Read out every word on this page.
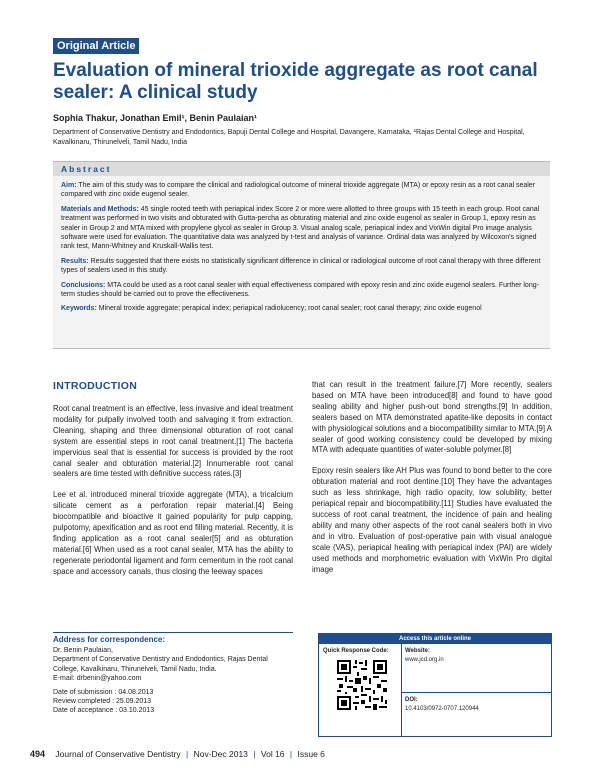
Original Article
Evaluation of mineral trioxide aggregate as root canal sealer: A clinical study
Sophia Thakur, Jonathan Emil¹, Benin Paulaian¹
Department of Conservative Dentistry and Endodontics, Bapuji Dental College and Hospital, Davangere, Karnataka, ¹Rajas Dental College and Hospital, Kavalkinaru, Thirunelveli, Tamil Nadu, India
Abstract

Aim: The aim of this study was to compare the clinical and radiological outcome of mineral trioxide aggregate (MTA) or epoxy resin as a root canal sealer compared with zinc oxide eugenol sealer.

Materials and Methods: 45 single rooted teeth with periapical index Score 2 or more were allotted to three groups with 15 teeth in each group. Root canal treatment was performed in two visits and obturated with Gutta-percha as obturating material and zinc oxide eugenol as sealer in Group 1, epoxy resin as sealer in Group 2 and MTA mixed with propylene glycol as sealer in Group 3. Visual analog scale, periapical index and VixWin digital Pro image analysis software were used for evaluation. The quantitative data was analyzed by t-test and analysis of variance. Ordinal data was analyzed by Wilcoxon's signed rank test, Mann-Whitney and Kruskall-Wallis test.

Results: Results suggested that there exists no statistically significant difference in clinical or radiological outcome of root canal therapy with three different types of sealers used in this study.

Conclusions: MTA could be used as a root canal sealer with equal effectiveness compared with epoxy resin and zinc oxide eugenol sealers. Further long-term studies should be carried out to prove the effectiveness.

Keywords: Mineral troxide aggregate; perapical index; periapical radiolucency; root canal sealer; root canal therapy; zinc oxide eugenol

INTRODUCTION

Root canal treatment is an effective, less invasive and ideal treatment modality for pulpally involved tooth and salvaging it from extraction. Cleaning, shaping and three dimensional obturation of root canal system are essential steps in root canal treatment.[1] The bacteria impervious seal that is essential for success is provided by the root canal sealer and obturation material.[2] Innumerable root canal sealers are time tested with definitive success rates.[3]

Lee et al. introduced mineral trioxide aggregate (MTA), a tricalcium silicate cement as a perforation repair material.[4] Being biocompatible and bioactive it gained popularity for pulp capping, pulpotomy, apexification and as root end filling material. Recently, it is finding application as a root canal sealer[5] and as obturation material.[6] When used as a root canal sealer, MTA has the ability to regenerate periodontal ligament and form cementum in the root canal space and accessory canals, thus closing the leeway spaces

that can result in the treatment failure.[7] More recently, sealers based on MTA have been introduced[8] and found to have good sealing ability and higher push-out bond strengths.[9] In addition, sealers based on MTA demonstrated apatite-like deposits in contact with physiological solutions and a biocompatibility similar to MTA.[9] A sealer of good working consistency could be developed by mixing MTA with adequate quantities of water-soluble polymer.[8]

Epoxy resin sealers like AH Plus was found to bond better to the core obturation material and root dentine.[10] They have the advantages such as less shrinkage, high radio opacity, low solubility, better periapical repair and biocompatibility.[11] Studies have evaluated the success of root canal treatment, the incidence of pain and healing ability and many other aspects of the root canal sealers both in vivo and in vitro. Evaluation of post-operative pain with visual analogue scale (VAS), periapical healing with periapical index (PAI) are widely used methods and morphometric evaluation with VixWin Pro digital image

Address for correspondence:
Dr. Benin Paulaian,
Department of Conservative Dentistry and Endodontics, Rajas Dental College, Kavalkinaru, Thirunelveli, Tamil Nadu, India.
E-mail: drbenin@yahoo.com
Date of submission : 04.08.2013
Review completed : 25.09.2013
Date of acceptance : 03.10.2013
Access this article online
Quick Response Code:	Website:
www.jcd.org.in
DOI:
10.4103/0972-0707.120944
494 Journal of Conservative Dentistry | Nov-Dec 2013 | Vol 16 | Issue 6
